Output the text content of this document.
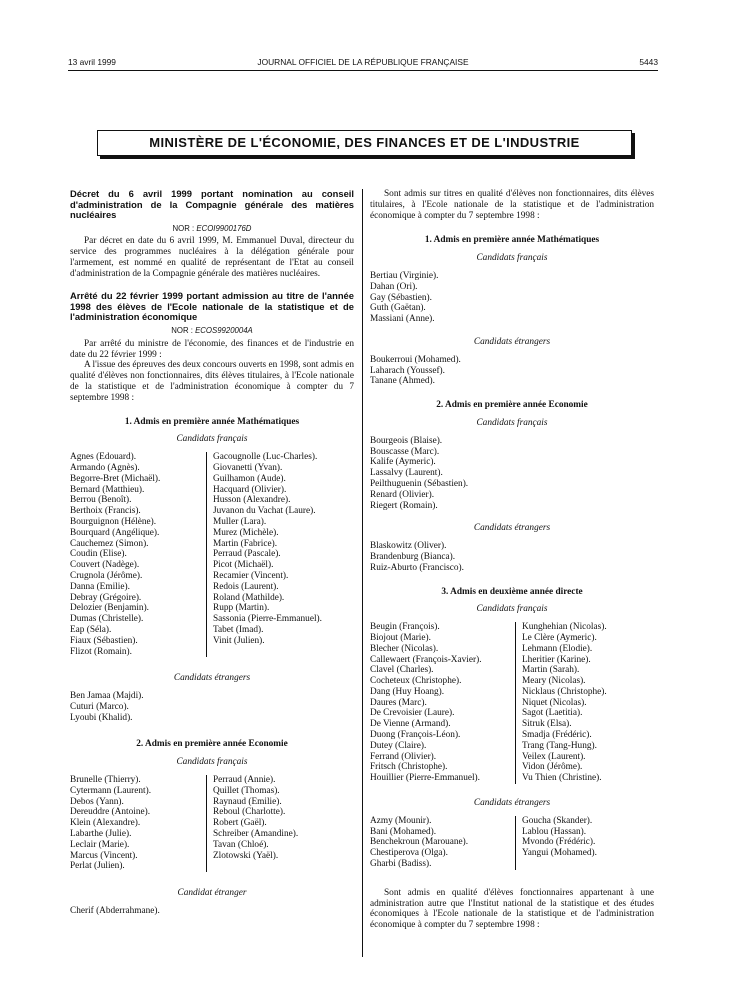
13 avril 1999	JOURNAL OFFICIEL DE LA RÉPUBLIQUE FRANÇAISE	5443
MINISTÈRE DE L'ÉCONOMIE, DES FINANCES ET DE L'INDUSTRIE
Décret du 6 avril 1999 portant nomination au conseil d'administration de la Compagnie générale des matières nucléaires
NOR : ECOI9900176D

Par décret en date du 6 avril 1999, M. Emmanuel Duval, directeur du service des programmes nucléaires à la délégation générale pour l'armement, est nommé en qualité de représentant de l'Etat au conseil d'administration de la Compagnie générale des matières nucléaires.

Arrêté du 22 février 1999 portant admission au titre de l'année 1998 des élèves de l'Ecole nationale de la statistique et de l'administration économique
NOR : ECOS9920004A

Par arrêté du ministre de l'économie, des finances et de l'industrie en date du 22 février 1999 :

A l'issue des épreuves des deux concours ouverts en 1998, sont admis en qualité d'élèves non fonctionnaires, dits élèves titulaires, à l'Ecole nationale de la statistique et de l'administration économique à compter du 7 septembre 1998 :

1. Admis en première année Mathématiques
Candidats français
Agnes (Edouard).
Armando (Agnès).
Begorre-Bret (Michaël).
Bernard (Matthieu).
Berrou (Benoît).
Berthoix (Francis).
Bourguignon (Hélène).
Bourquard (Angélique).
Cauchemez (Simon).
Coudin (Elise).
Couvert (Nadège).
Crugnola (Jérôme).
Danna (Emilie).
Debray (Grégoire).
Delozier (Benjamin).
Dumas (Christelle).
Eap (Séla).
Fiaux (Sébastien).
Flizot (Romain).
Gacougnolle (Luc-Charles).
Giovanetti (Yvan).
Guilhamon (Aude).
Hacquard (Olivier).
Husson (Alexandre).
Juvanon du Vachat (Laure).
Muller (Lara).
Murez (Michèle).
Martin (Fabrice).
Perraud (Pascale).
Picot (Michaël).
Recamier (Vincent).
Redois (Laurent).
Roland (Mathilde).
Rupp (Martin).
Sassonia (Pierre-Emmanuel).
Tabet (Imad).
Vinit (Julien).
Candidats étrangers
Ben Jamaa (Majdi).
Cuturi (Marco).
Lyoubi (Khalid).
2. Admis en première année Economie
Candidats français
Brunelle (Thierry).
Cytermann (Laurent).
Debos (Yann).
Dereuddre (Antoine).
Klein (Alexandre).
Labarthe (Julie).
Leclair (Marie).
Marcus (Vincent).
Perlat (Julien).
Perraud (Annie).
Quillet (Thomas).
Raynaud (Emilie).
Reboul (Charlotte).
Robert (Gaël).
Schreiber (Amandine).
Tavan (Chloé).
Zlotowski (Yaël).
Candidat étranger
Cherif (Abderrahmane).

Sont admis sur titres en qualité d'élèves non fonctionnaires, dits élèves titulaires, à l'Ecole nationale de la statistique et de l'administration économique à compter du 7 septembre 1998 :

1. Admis en première année Mathématiques
Candidats français
Bertiau (Virginie).
Dahan (Ori).
Gay (Sébastien).
Guth (Gaëtan).
Massiani (Anne).
Candidats étrangers
Boukerroui (Mohamed).
Laharach (Youssef).
Tanane (Ahmed).
2. Admis en première année Economie
Candidats français
Bourgeois (Blaise).
Bouscasse (Marc).
Kalife (Aymeric).
Lassalvy (Laurent).
Peilthuguenin (Sébastien).
Renard (Olivier).
Riegert (Romain).
Candidats étrangers
Blaskowitz (Oliver).
Brandenburg (Bianca).
Ruiz-Aburto (Francisco).
3. Admis en deuxième année directe
Candidats français
Beugin (François).
Biojout (Marie).
Blecher (Nicolas).
Callewaert (François-Xavier).
Clavel (Charles).
Cocheteux (Christophe).
Dang (Huy Hoang).
Daures (Marc).
De Crevoisier (Laure).
De Vienne (Armand).
Duong (François-Léon).
Dutey (Claire).
Ferrand (Olivier).
Fritsch (Christophe).
Houillier (Pierre-Emmanuel).
Kunghehian (Nicolas).
Le Clère (Aymeric).
Lehmann (Elodie).
Lheritier (Karine).
Martin (Sarah).
Meary (Nicolas).
Nicklaus (Christophe).
Niquet (Nicolas).
Sagot (Laetitia).
Sitruk (Elsa).
Smadja (Frédéric).
Trang (Tang-Hung).
Veilex (Laurent).
Vidon (Jérôme).
Vu Thien (Christine).
Candidats étrangers
Azmy (Mounir).
Bani (Mohamed).
Benchekroun (Marouane).
Chestiperova (Olga).
Gharbi (Badiss).
Goucha (Skander).
Lablou (Hassan).
Mvondo (Frédéric).
Yangui (Mohamed).

Sont admis en qualité d'élèves fonctionnaires appartenant à une administration autre que l'Institut national de la statistique et des études économiques à l'Ecole nationale de la statistique et de l'administration économique à compter du 7 septembre 1998 :
